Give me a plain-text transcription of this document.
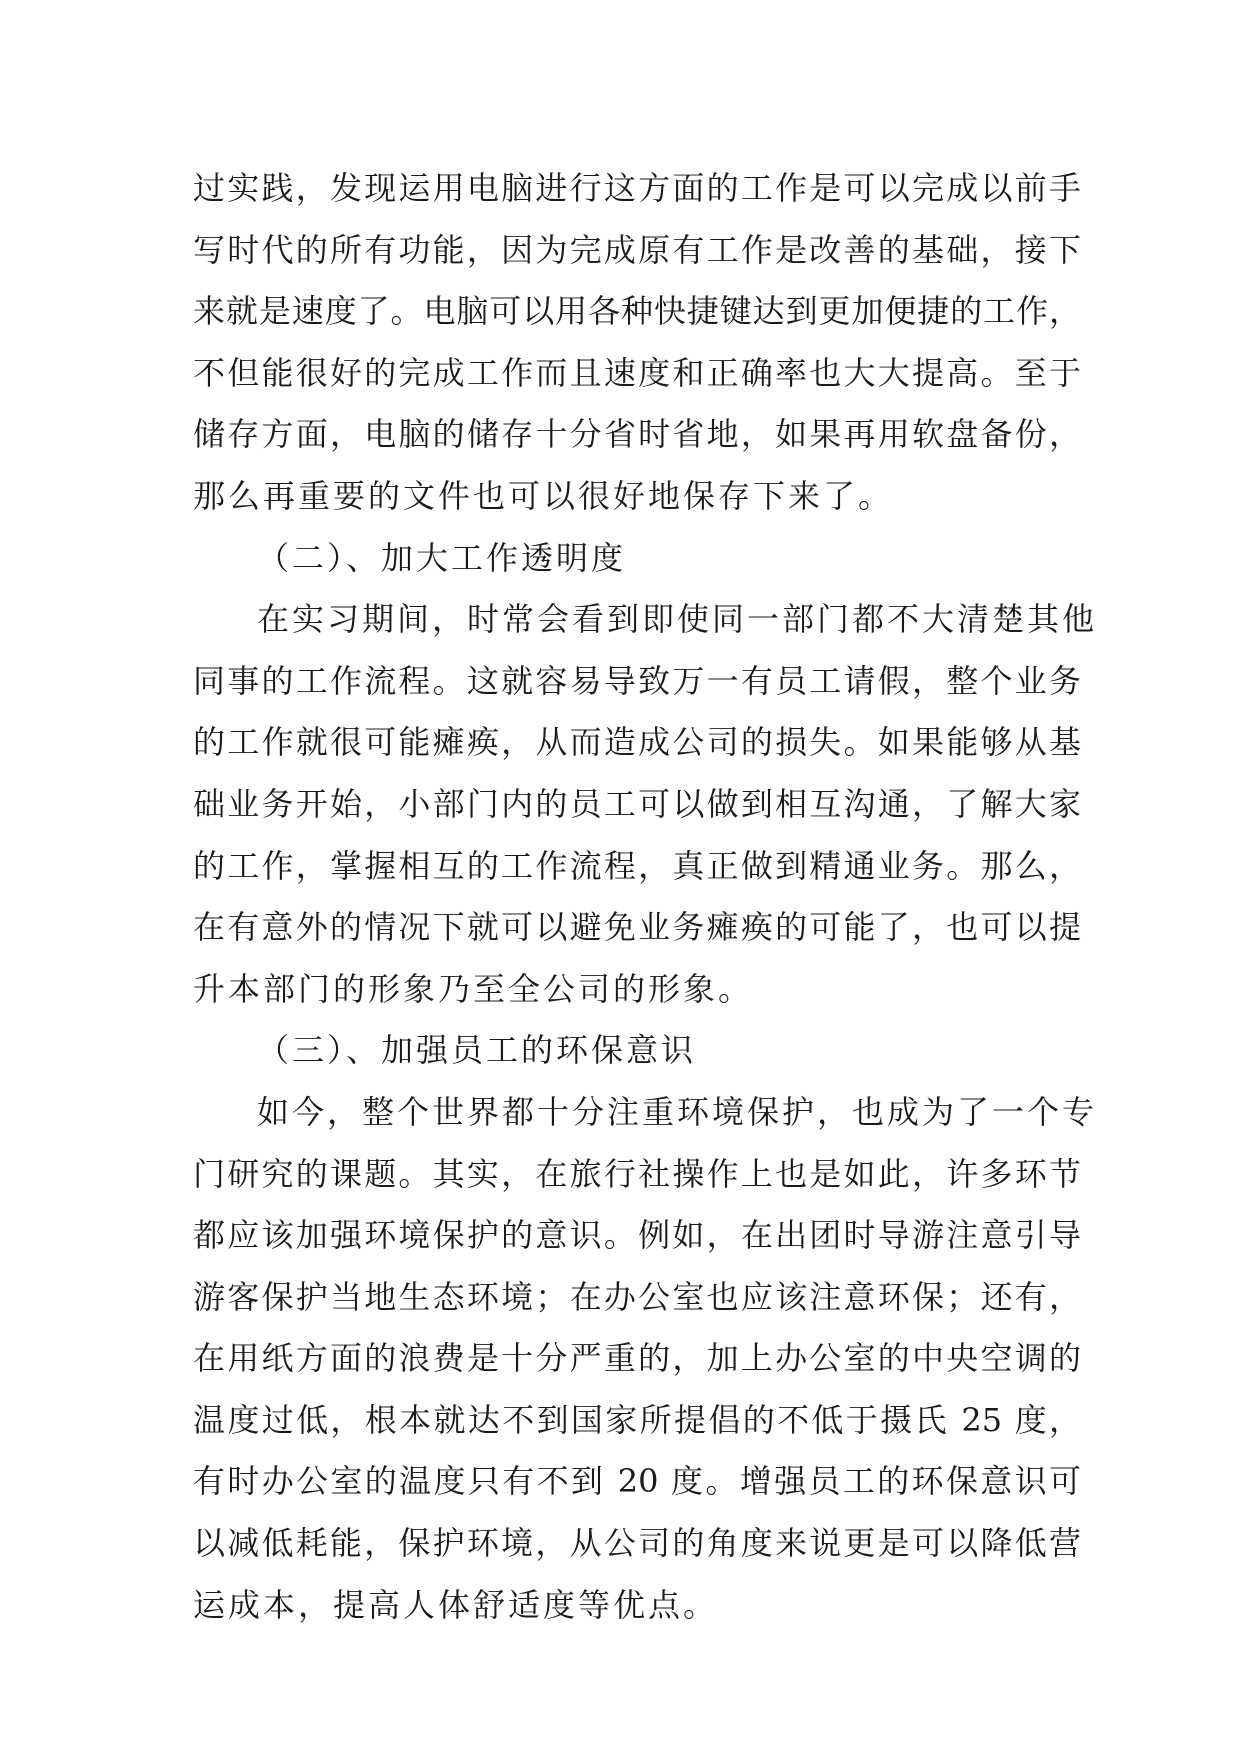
过实践，发现运用电脑进行这方面的工作是可以完成以前手
写时代的所有功能，因为完成原有工作是改善的基础，接下
来就是速度了。电脑可以用各种快捷键达到更加便捷的工作，
不但能很好的完成工作而且速度和正确率也大大提高。至于
储存方面，电脑的储存十分省时省地，如果再用软盘备份，
那么再重要的文件也可以很好地保存下来了。
（二）、加大工作透明度
在实习期间，时常会看到即使同一部门都不大清楚其他
同事的工作流程。这就容易导致万一有员工请假，整个业务
的工作就很可能瘫痪，从而造成公司的损失。如果能够从基
础业务开始，小部门内的员工可以做到相互沟通，了解大家
的工作，掌握相互的工作流程，真正做到精通业务。那么，
在有意外的情况下就可以避免业务瘫痪的可能了，也可以提
升本部门的形象乃至全公司的形象。
（三）、加强员工的环保意识
如今，整个世界都十分注重环境保护，也成为了一个专
门研究的课题。其实，在旅行社操作上也是如此，许多环节
都应该加强环境保护的意识。例如，在出团时导游注意引导
游客保护当地生态环境；在办公室也应该注意环保；还有，
在用纸方面的浪费是十分严重的，加上办公室的中央空调的
温度过低，根本就达不到国家所提倡的不低于摄氏 25 度，
有时办公室的温度只有不到 20 度。增强员工的环保意识可
以减低耗能，保护环境，从公司的角度来说更是可以降低营
运成本，提高人体舒适度等优点。
